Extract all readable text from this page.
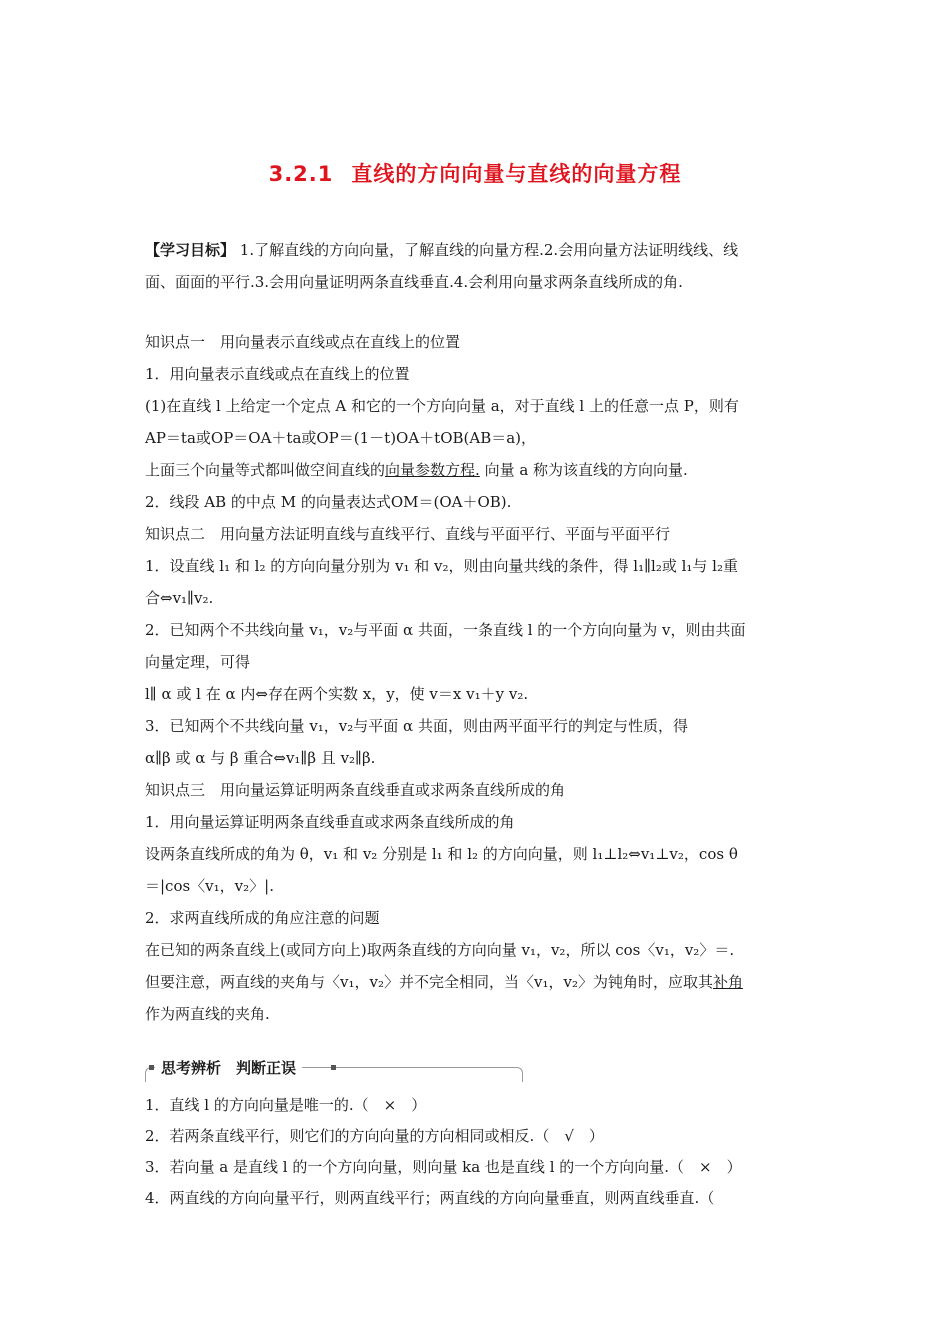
3.2.1 直线的方向向量与直线的向量方程

【学习目标】 1.了解直线的方向向量，了解直线的向量方程.2.会用向量方法证明线线、线

面、面面的平行.3.会用向量证明两条直线垂直.4.会利用向量求两条直线所成的角.

知识点一　用向量表示直线或点在直线上的位置

1．用向量表示直线或点在直线上的位置

(1)在直线 l 上给定一个定点 A 和它的一个方向向量 a，对于直线 l 上的任意一点 P，则有

AP＝ta或OP＝OA＋ta或OP＝(1－t)OA＋tOB(AB＝a)，

上面三个向量等式都叫做空间直线的向量参数方程. 向量 a 称为该直线的方向向量.

2．线段 AB 的中点 M 的向量表达式OM＝(OA＋OB).

知识点二　用向量方法证明直线与直线平行、直线与平面平行、平面与平面平行

1．设直线 l₁ 和 l₂ 的方向向量分别为 v₁ 和 v₂，则由向量共线的条件，得 l₁∥l₂或 l₁与 l₂重

合⇔v₁∥v₂.

2．已知两个不共线向量 v₁，v₂与平面 α 共面，一条直线 l 的一个方向向量为 v，则由共面

向量定理，可得

l∥ α 或 l 在 α 内⇔存在两个实数 x，y，使 v＝x v₁＋y v₂.

3．已知两个不共线向量 v₁，v₂与平面 α 共面，则由两平面平行的判定与性质，得

α∥β 或 α 与 β 重合⇔v₁∥β 且 v₂∥β.

知识点三　用向量运算证明两条直线垂直或求两条直线所成的角

1．用向量运算证明两条直线垂直或求两条直线所成的角

设两条直线所成的角为 θ，v₁ 和 v₂ 分别是 l₁ 和 l₂ 的方向向量，则 l₁⊥l₂⇔v₁⊥v₂，cos θ

＝|cos〈v₁，v₂〉|.

2．求两直线所成的角应注意的问题

在已知的两条直线上(或同方向上)取两条直线的方向向量 v₁，v₂，所以 cos〈v₁，v₂〉＝.

但要注意，两直线的夹角与〈v₁，v₂〉并不完全相同，当〈v₁，v₂〉为钝角时，应取其补角

作为两直线的夹角.

思考辨析　判断正误

1．直线 l 的方向向量是唯一的.（　×　）

2．若两条直线平行，则它们的方向向量的方向相同或相反.（　√　）

3．若向量 a 是直线 l 的一个方向向量，则向量 ka 也是直线 l 的一个方向向量.（　×　）

4．两直线的方向向量平行，则两直线平行；两直线的方向向量垂直，则两直线垂直.（
